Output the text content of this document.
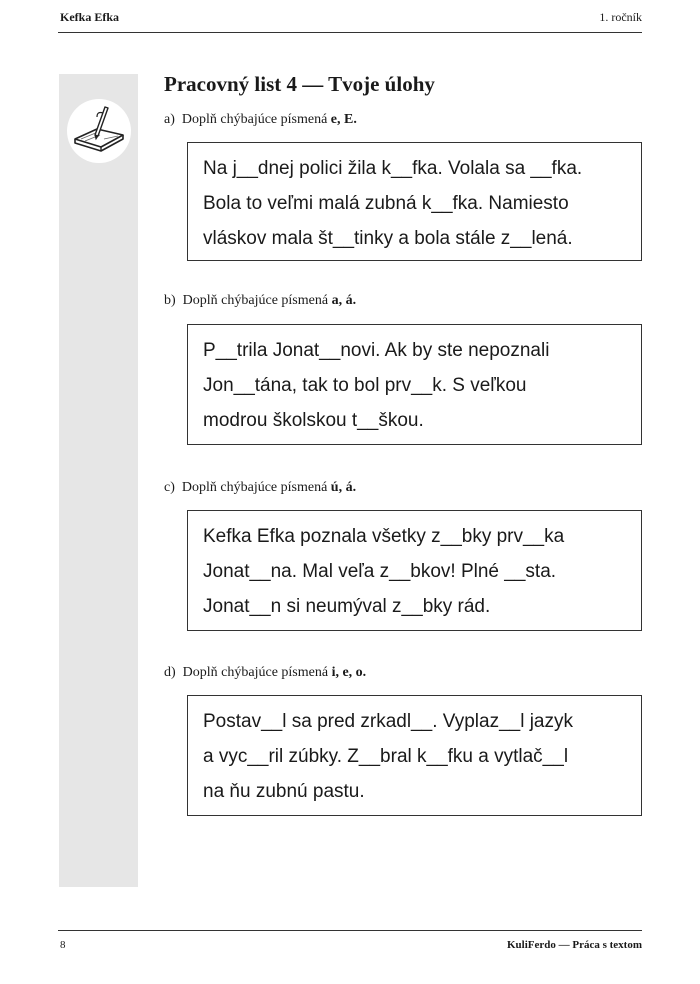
Kefka Efka	1. ročník
Pracovný list 4 — Tvoje úlohy
a) Doplň chýbajúce písmená e, E.
Na j__dnej polici žila k__fka. Volala sa __fka.
Bola to veľmi malá zubná k__fka. Namiesto
vláskov mala št__tinky a bola stále z__lená.
b) Doplň chýbajúce písmená a, á.
P__trila Jonat__novi. Ak by ste nepoznali
Jon__tána, tak to bol prv__k. S veľkou
modrou školskou t__škou.
c) Doplň chýbajúce písmená ú, á.
Kefka Efka poznala všetky z__bky prv__ka
Jonat__na. Mal veľa z__bkov! Plné __sta.
Jonat__n si neumýval z__bky rád.
d) Doplň chýbajúce písmená i, e, o.
Postav__l sa pred zrkadl__. Vyplaz__l jazyk
a vyc__ril zúbky. Z__bral k__fku a vytlač__l
na ňu zubnú pastu.
8	KuliFerdo — Práca s textom
